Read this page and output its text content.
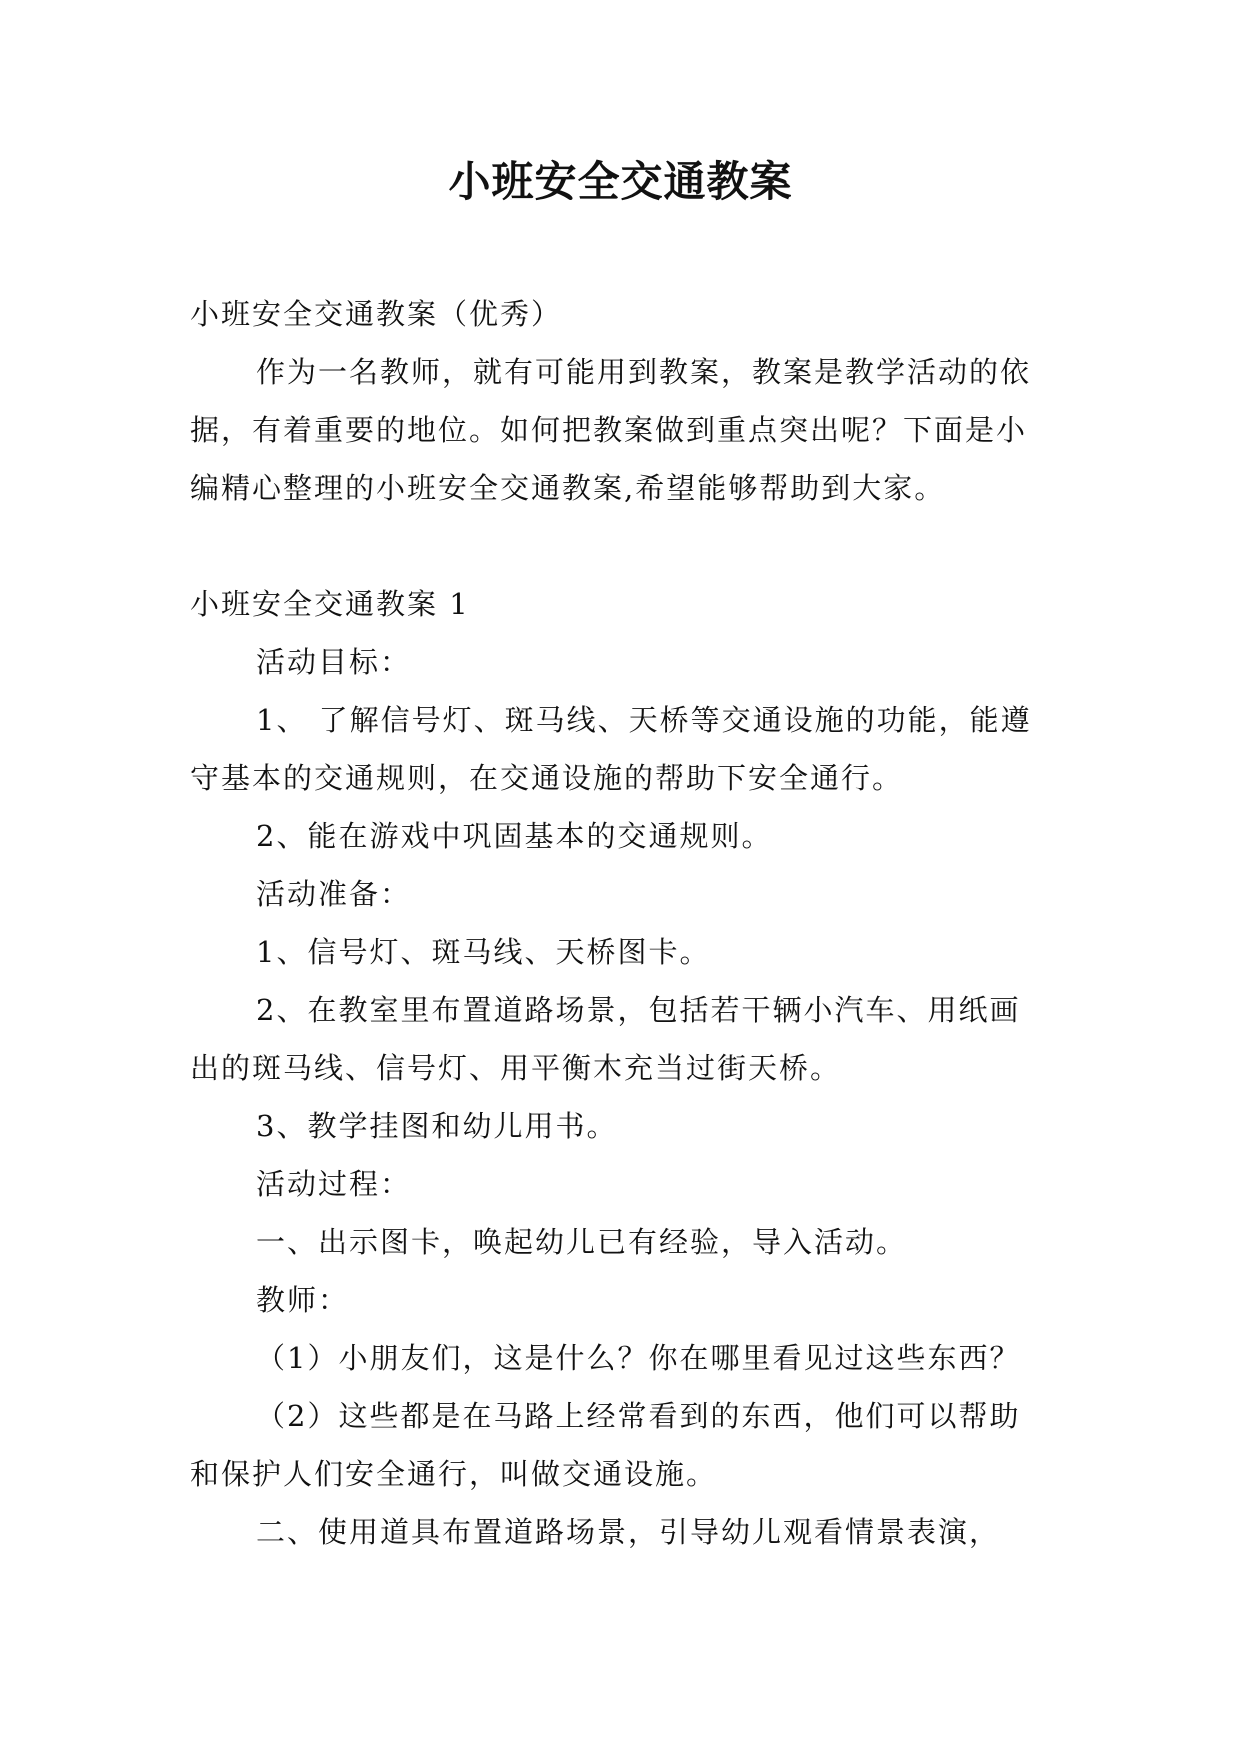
小班安全交通教案

小班安全交通教案（优秀）

作为一名教师，就有可能用到教案，教案是教学活动的依据，有着重要的地位。如何把教案做到重点突出呢？下面是小编精心整理的小班安全交通教案,希望能够帮助到大家。

小班安全交通教案 1

活动目标：

1、 了解信号灯、斑马线、天桥等交通设施的功能，能遵守基本的交通规则，在交通设施的帮助下安全通行。

2、能在游戏中巩固基本的交通规则。

活动准备：

1、信号灯、斑马线、天桥图卡。

2、在教室里布置道路场景，包括若干辆小汽车、用纸画出的斑马线、信号灯、用平衡木充当过街天桥。

3、教学挂图和幼儿用书。

活动过程：

一、出示图卡，唤起幼儿已有经验，导入活动。

教师：

（1）小朋友们，这是什么？你在哪里看见过这些东西？

（2）这些都是在马路上经常看到的东西，他们可以帮助和保护人们安全通行，叫做交通设施。

二、使用道具布置道路场景，引导幼儿观看情景表演，
